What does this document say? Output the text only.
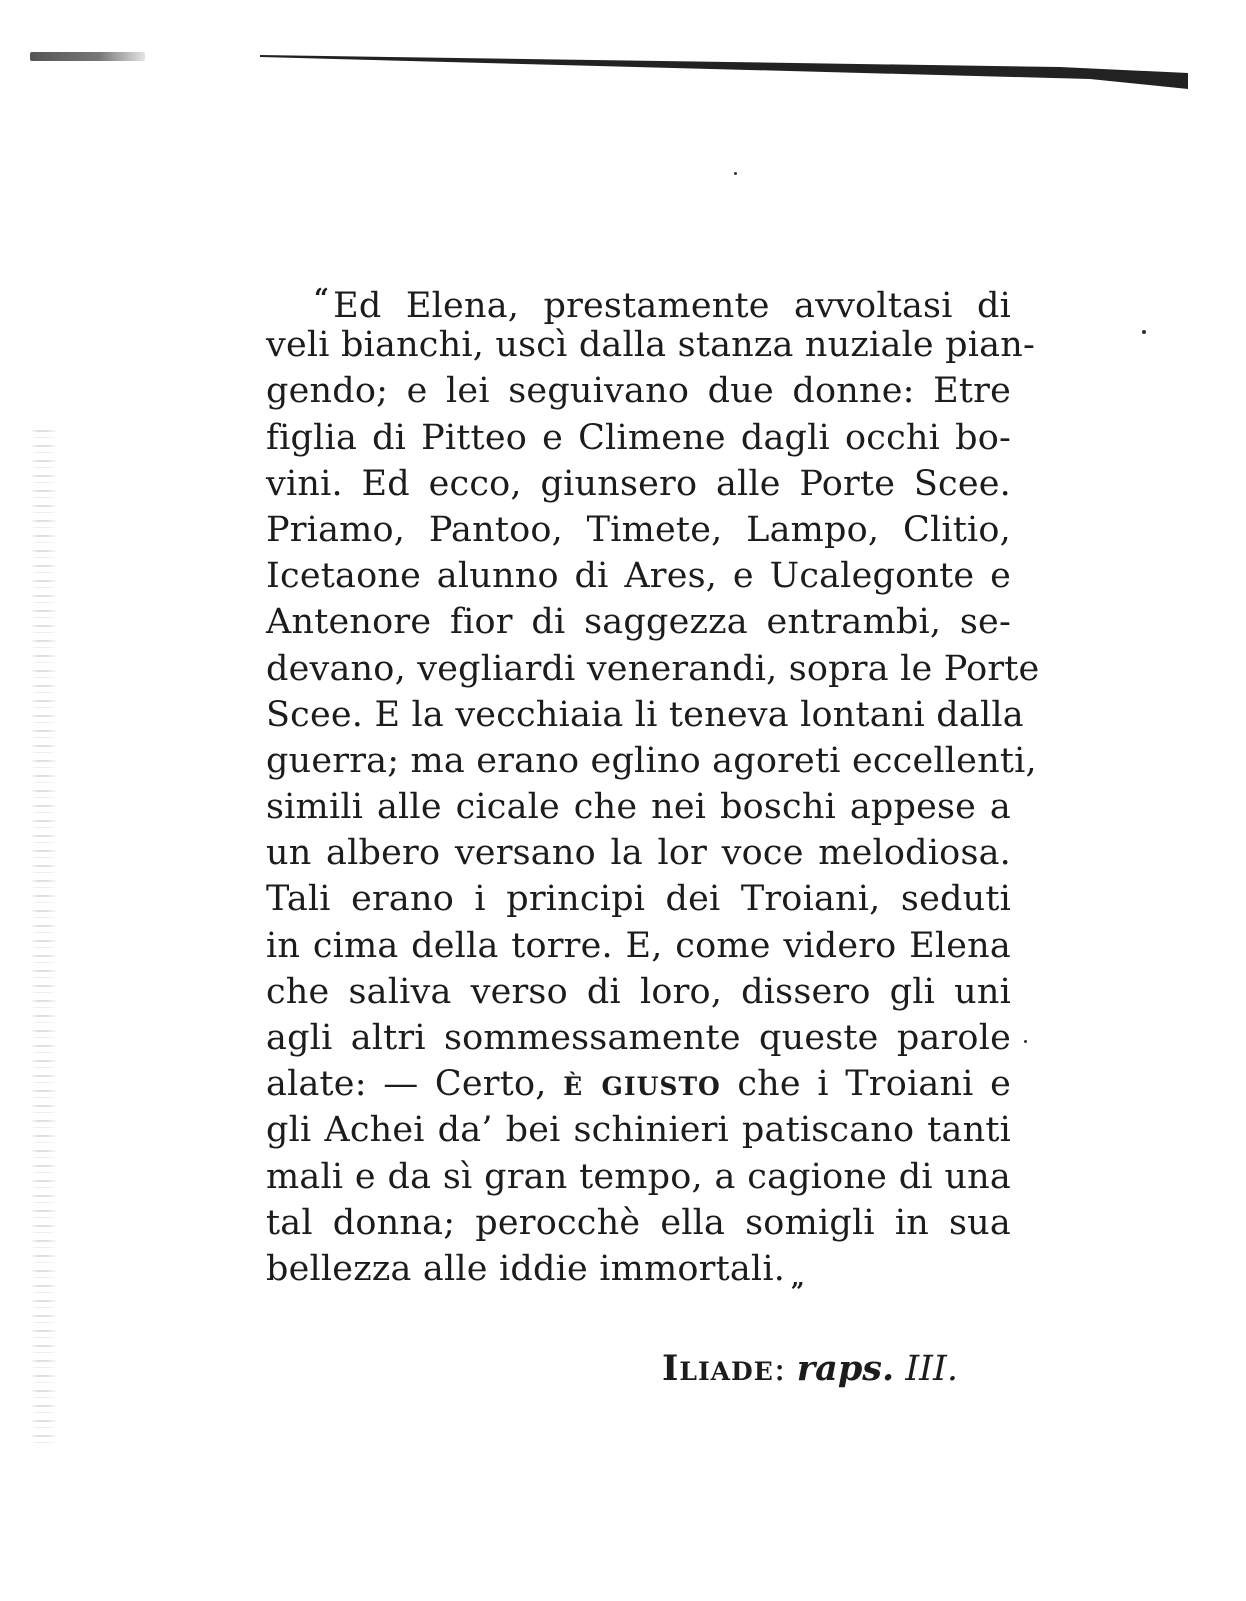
“ Ed Elena, prestamente avvoltasi di
veli bianchi, uscì dalla stanza nuziale pian-
gendo; e lei seguivano due donne: Etre
figlia di Pitteo e Climene dagli occhi bo-
vini. Ed ecco, giunsero alle Porte Scee.
Priamo, Pantoo, Timete, Lampo, Clitio,
Icetaone alunno di Ares, e Ucalegonte e
Antenore fior di saggezza entrambi, se-
devano, vegliardi venerandi, sopra le Porte
Scee. E la vecchiaia li teneva lontani dalla
guerra; ma erano eglino agoreti eccellenti,
simili alle cicale che nei boschi appese a
un albero versano la lor voce melodiosa.
Tali erano i principi dei Troiani, seduti
in cima della torre. E, come videro Elena
che saliva verso di loro, dissero gli uni
agli altri sommessamente queste parole
alate: — Certo, è giusto che i Troiani e
gli Achei da’ bei schinieri patiscano tanti
mali e da sì gran tempo, a cagione di una
tal donna; perocchè ella somigli in sua
bellezza alle iddie immortali. „
Iliade: raps. III.
